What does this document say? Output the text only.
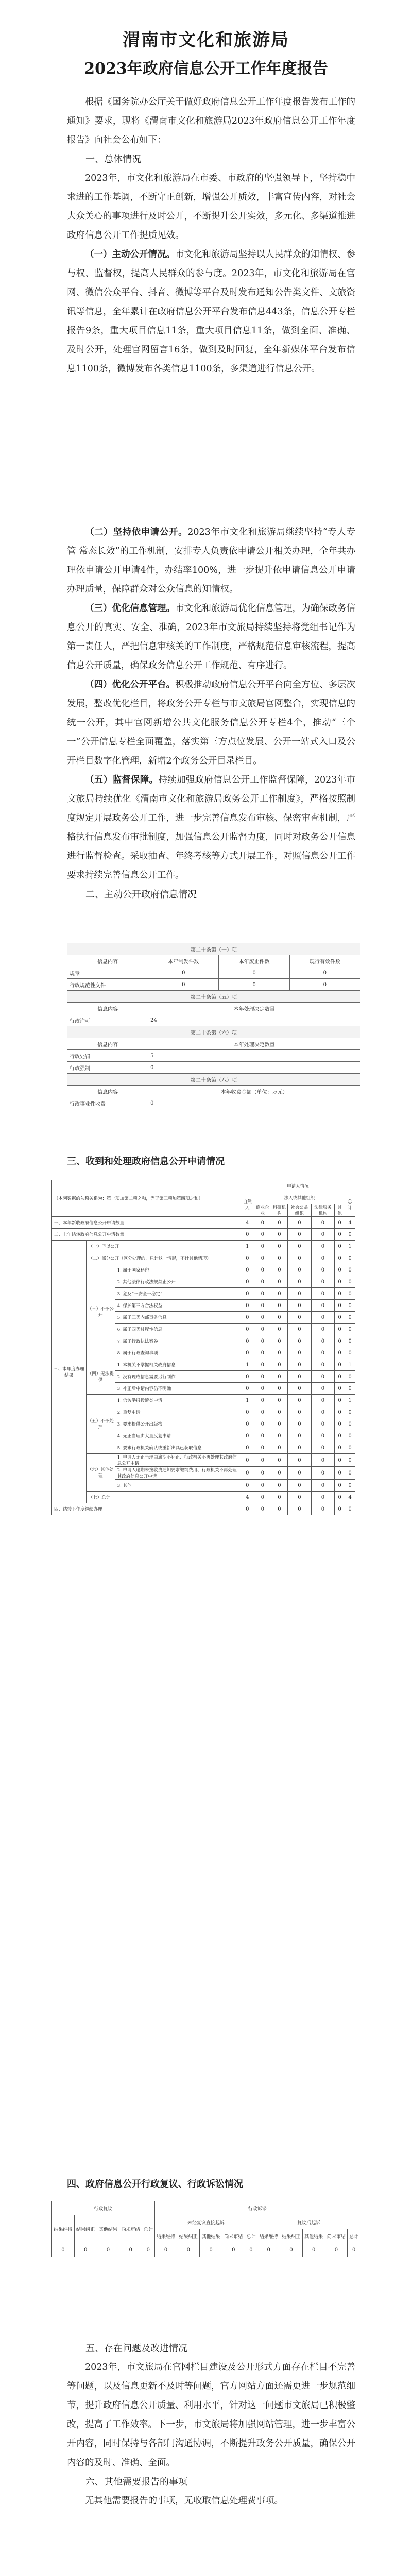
渭南市文化和旅游局
2023年政府信息公开工作年度报告

根据《国务院办公厅关于做好政府信息公开工作年度报告发布工作的通知》要求，现将《渭南市文化和旅游局2023年政府信息公开工作年度报告》向社会公布如下：

一、总体情况

2023年，市文化和旅游局在市委、市政府的坚强领导下，坚持稳中求进的工作基调，不断守正创新，增强公开质效，丰富宣传内容，对社会大众关心的事项进行及时公开，不断提升公开实效，多元化、多渠道推进政府信息公开工作提质见效。

（一）主动公开情况。市文化和旅游局坚持以人民群众的知情权、参与权、监督权，提高人民群众的参与度。2023年，市文化和旅游局在官网、微信公众平台、抖音、微博等平台及时发布通知公告类文件、文旅资讯等信息，全年累计在政府信息公开平台发布信息443条，信息公开专栏报告9条，重大项目信息11条，重大项目信息11条，做到全面、准确、及时公开，处理官网留言16条，做到及时回复，全年新媒体平台发布信息1100条，微博发布各类信息1100条，多渠道进行信息公开。

（二）坚持依申请公开。2023年市文化和旅游局继续坚持“专人专管 常态长效”的工作机制，安排专人负责依申请公开相关办理，全年共办理依申请公开申请4件，办结率100%，进一步提升依申请信息公开申请办理质量，保障群众对公众信息的知情权。

（三）优化信息管理。市文化和旅游局优化信息管理，为确保政务信息公开的真实、安全、准确，2023年市文旅局持续坚持将党组书记作为第一责任人，严把信息审核关的工作制度，严格规范信息审核流程，提高信息公开质量，确保政务信息公开工作规范、有序进行。

（四）优化公开平台。积极推动政府信息公开平台向全方位、多层次发展，整改优化栏目，将政务公开专栏与市文旅局官网整合，实现信息的统一公开，其中官网新增公共文化服务信息公开专栏4个，推动“三个一”公开信息专栏全面覆盖，落实第三方点位发展、公开一站式入口及公开栏目数字化管理，新增2个政务公开目录栏目。

（五）监督保障。持续加强政府信息公开工作监督保障，2023年市文旅局持续优化《渭南市文化和旅游局政务公开工作制度》，严格按照制度规定开展政务公开工作，进一步完善信息发布审核、保密审查机制，严格执行信息发布审批制度，加强信息公开监督力度，同时对政务公开信息进行监督检查。采取抽查、年终考核等方式开展工作，对照信息公开工作要求持续完善信息公开工作。

二、主动公开政府信息情况

第二十条第（一）项			
信息内容	本年制发件数	本年废止件数	现行有效件数
规章	0	0	0
行政规范性文件	0	0	0
第二十条第（五）项			
信息内容	本年处理决定数量		
行政许可	24		
第二十条第（六）项			
信息内容	本年处理决定数量		
行政处罚	5		
行政强制	0		
第二十条第（八）项			
信息内容	本年收费金额（单位：万元）		
行政事业性收费	0		
三、收到和处理政府信息公开申请情况
（本列数据的勾稽关系为：第一项加第二项之和，等于第三项加第四项之和）			申请人情况						
			自然人	法人或其他组织					总计
				商业企业	科研机构	社会公益组织	法律服务机构	其他	
一、本年新收政府信息公开申请数量			4	0	0	0	0	0	4
二、上年结转政府信息公开申请数量			0	0	0	0	0	0	0
三、本年度办理结果	（一）予以公开		1	0	0	0	0	0	1
	（二）部分公开（区分处理的，只计这一情形，不计其他情形）		0	0	0	0	0	0	0
	（三）不予公开	1. 属于国家秘密	0	0	0	0	0	0	0
		2. 其他法律行政法规禁止公开	0	0	0	0	0	0	0
		3. 危及“三安全一稳定”	0	0	0	0	0	0	0
		4. 保护第三方合法权益	0	0	0	0	0	0	0
		5. 属于三类内部事务信息	0	0	0	0	0	0	0
		6. 属于四类过程性信息	0	0	0	0	0	0	0
		7. 属于行政执法案卷	0	0	0	0	0	0	0
		8. 属于行政查询事项	0	0	0	0	0	0	0
	（四）无法提供	1. 本机关不掌握相关政府信息	1	0	0	0	0	0	1
		2. 没有现成信息需要另行制作	0	0	0	0	0	0	0
		3. 补正后申请内容仍不明确	0	0	0	0	0	0	0
	（五）不予处理	1. 信访举报投诉类申请	1	0	0	0	0	0	1
		2. 重复申请	0	0	0	0	0	0	0
		3. 要求提供公开出版物	0	0	0	0	0	0	0
		4. 无正当理由大量反复申请	0	0	0	0	0	0	0
		5. 要求行政机关确认或重新出具已获取信息	0	0	0	0	0	0	0
	（六）其他处理	1. 申请人无正当理由逾期不补正、行政机关不再处理其政府信息公开申请	0	0	0	0	0	0	0
		2. 申请人逾期未按收费通知要求缴纳费用、行政机关不再处理其政府信息公开申请	0	0	0	0	0	0	0
		3. 其他	0	0	0	0	0	0	0
	（七）总计		4	0	0	0	0	0	4
四、结转下年度继续办理			0	0	0	0	0	0	0
四、政府信息公开行政复议、行政诉讼情况
行政复议					行政诉讼									
结果维持	结果纠正	其他结果	尚未审结	总计	未经复议直接起诉					复议后起诉				
					结果维持	结果纠正	其他结果	尚未审结	总计	结果维持	结果纠正	其他结果	尚未审结	总计
0	0	0	0	0	0	0	0	0	0	0	0	0	0	0

五、存在问题及改进情况

2023年，市文旅局在官网栏目建设及公开形式方面存在栏目不完善等问题，以及信息更新不及时等问题，官方网站方面还需更进一步规范细节，提升政府信息公开质量、利用水平，针对这一问题市文旅局已积极整改，提高了工作效率。下一步，市文旅局将加强网站管理，进一步丰富公开内容，同时保持与各部门沟通协调，不断提升政务公开质量，确保公开内容的及时、准确、全面。

六、其他需要报告的事项

无其他需要报告的事项，无收取信息处理费事项。
